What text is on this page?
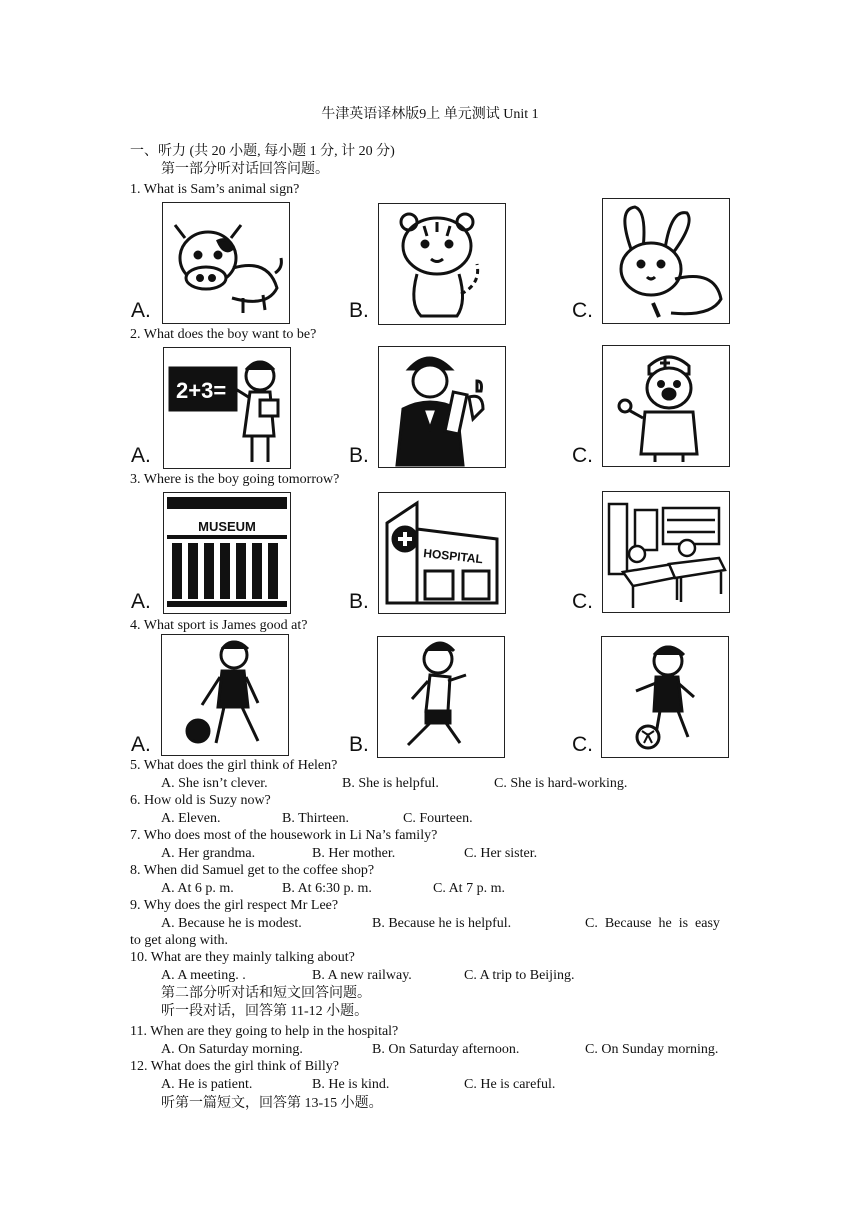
牛津英语译林版9上 单元测试 Unit 1
一、听力 (共 20 小题, 每小题 1 分, 计 20 分)
第一部分听对话回答问题。
1. What is Sam’s animal sign?
A.	B.	C.
2. What does the boy want to be?
A.	B.	C.
2+3=
3. Where is the boy going tomorrow?
A.	B.	C.
MUSEUM
HOSPITAL
4. What sport is James good at?
A.	B.	C.
5. What does the girl think of Helen?
A. She isn’t clever.	B. She is helpful.	C. She is hard-working.
6. How old is Suzy now?
A. Eleven.	B. Thirteen.	C. Fourteen.
7. Who does most of the housework in Li Na’s family?
A. Her grandma.	B. Her mother.	C. Her sister.
8. When did Samuel get to the coffee shop?
A. At 6 p. m.	B. At 6:30 p. m.	C. At 7 p. m.
9. Why does the girl respect Mr Lee?
A. Because he is modest.	B. Because he is helpful.	C.  Because  he  is  easy
to get along with.
10. What are they mainly talking about?
A. A meeting. .	B. A new railway.	C. A trip to Beijing.
第二部分听对话和短文回答问题。
听一段对话，回答第 11-12 小题。
11. When are they going to help in the hospital?
A. On Saturday morning.	B. On Saturday afternoon.	C. On Sunday morning.
12. What does the girl think of Billy?
A. He is patient.	B. He is kind.	C. He is careful.
听第一篇短文，回答第 13-15 小题。
